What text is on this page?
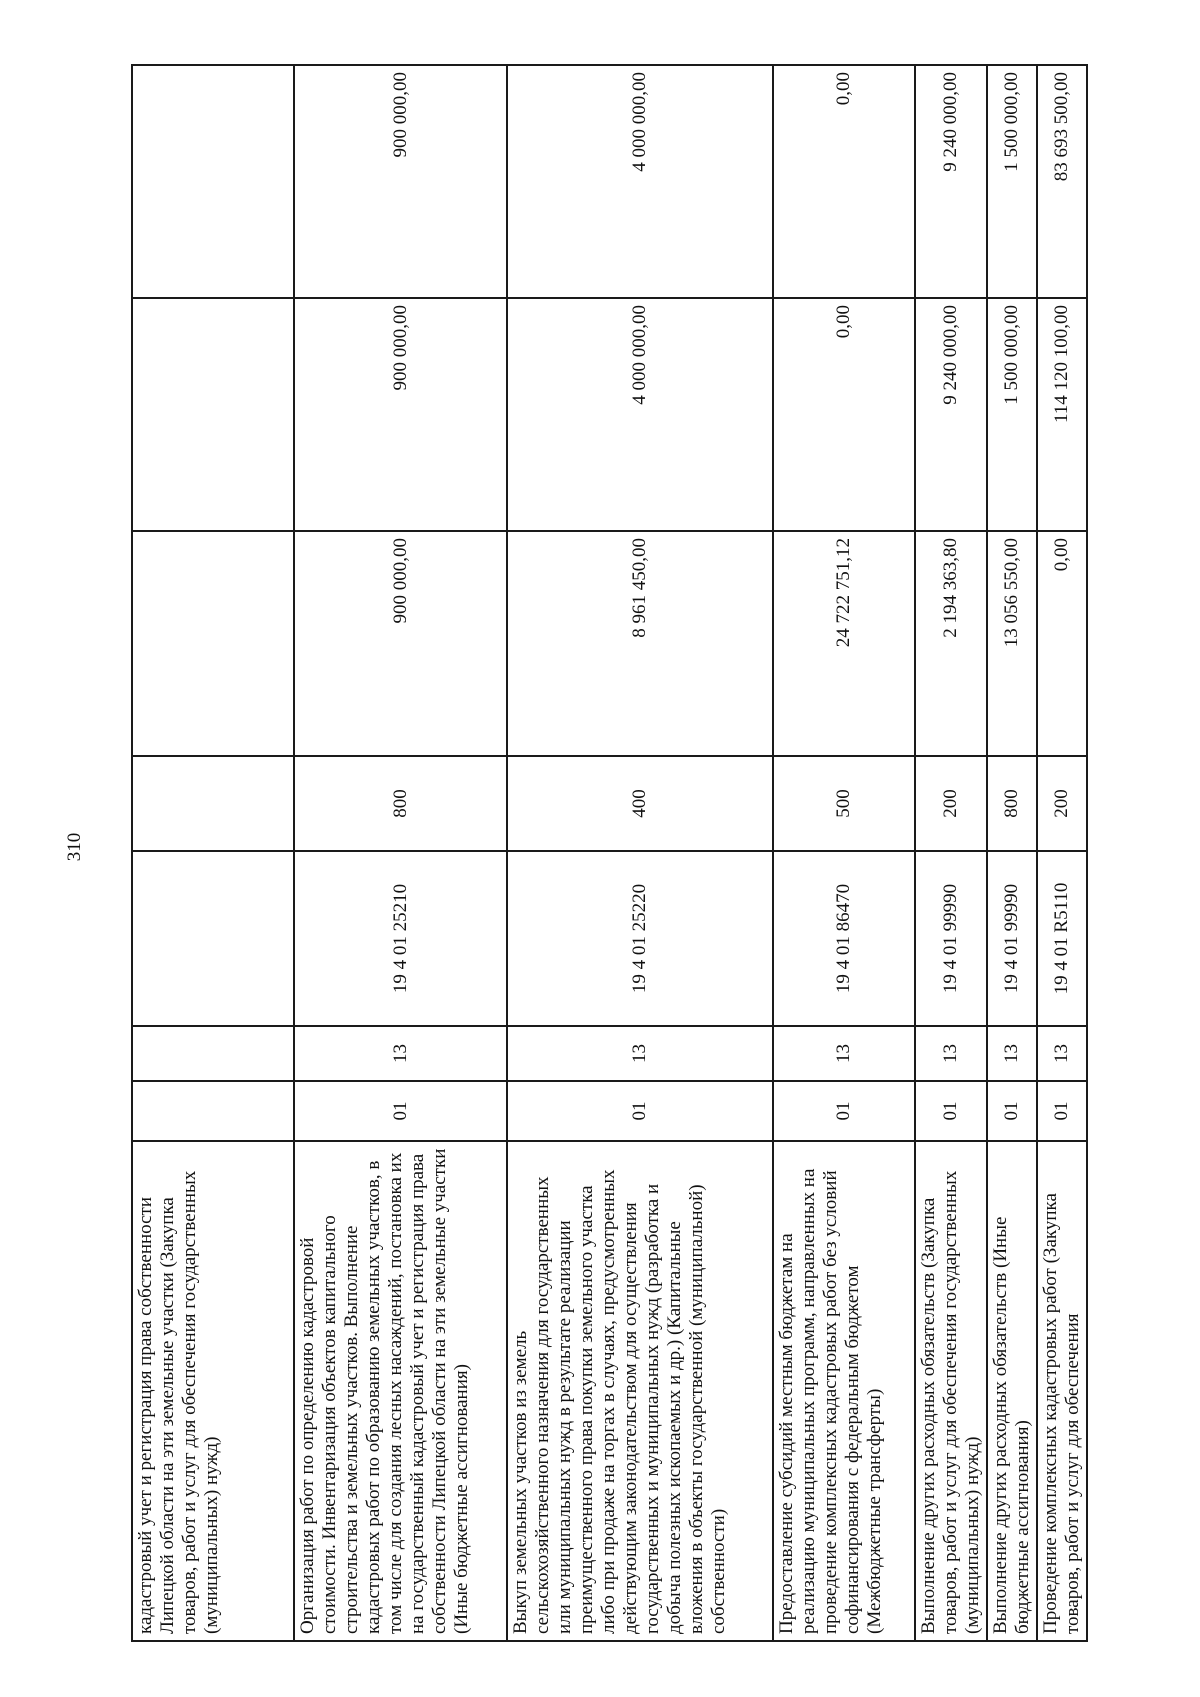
310
кадастровый учет и регистрация права собственности Липецкой области на эти земельные участки (Закупка товаров, работ и услуг для обеспечения государственных (муниципальных) нужд)							
Организация работ по определению кадастровой стоимости. Инвентаризация объектов капитального строительства и земельных участков. Выполнение кадастровых работ по образованию земельных участков, в том числе для создания лесных насаждений, постановка их на государственный кадастровый учет и регистрация права собственности Липецкой области на эти земельные участки (Иные бюджетные ассигнования)	01	13	19 4 01 25210	800	900 000,00	900 000,00	900 000,00
Выкуп земельных участков из земель сельскохозяйственного назначения для государственных или муниципальных нужд в результате реализации преимущественного права покупки земельного участка либо при продаже на торгах в случаях, предусмотренных действующим законодательством для осуществления государственных и муниципальных нужд (разработка и добыча полезных ископаемых и др.) (Капитальные вложения в объекты государственной (муниципальной) собственности)	01	13	19 4 01 25220	400	8 961 450,00	4 000 000,00	4 000 000,00
Предоставление субсидий местным бюджетам на реализацию муниципальных программ, направленных на проведение комплексных кадастровых работ без условий софинансирования с федеральным бюджетом (Межбюджетные трансферты)	01	13	19 4 01 86470	500	24 722 751,12	0,00	0,00
Выполнение других расходных обязательств (Закупка товаров, работ и услуг для обеспечения государственных (муниципальных) нужд)	01	13	19 4 01 99990	200	2 194 363,80	9 240 000,00	9 240 000,00
Выполнение других расходных обязательств (Иные бюджетные ассигнования)	01	13	19 4 01 99990	800	13 056 550,00	1 500 000,00	1 500 000,00
Проведение комплексных кадастровых работ (Закупка товаров, работ и услуг для обеспечения	01	13	19 4 01 R5110	200	0,00	114 120 100,00	83 693 500,00
